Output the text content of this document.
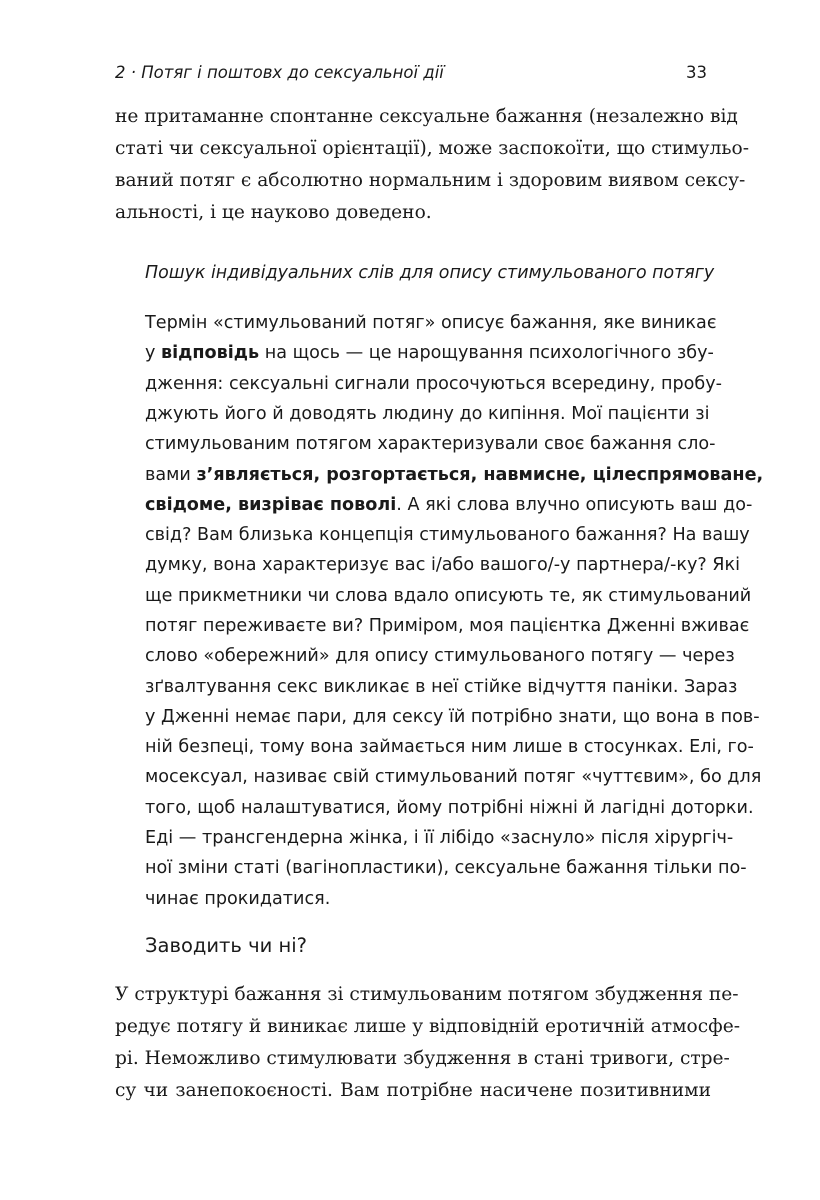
2 · Потяг і поштовх до сексуальної дії	33
не притаманне спонтанне сексуальне бажання (незалежно від
статі чи сексуальної орієнтації), може заспокоїти, що стимульо-
ваний потяг є абсолютно нормальним і здоровим виявом сексу-
альності, і це науково доведено.
Пошук індивідуальних слів для опису стимульованого потягу
Термін «стимульований потяг» описує бажання, яке виникає
у відповідь на щось — це нарощування психологічного збу-
дження: сексуальні сигнали просочуються всередину, пробу-
джують його й доводять людину до кипіння. Мої пацієнти зі
стимульованим потягом характеризували своє бажання сло-
вами з’являється, розгортається, навмисне, цілеспрямоване,
свідоме, визріває поволі. А які слова влучно описують ваш до-
свід? Вам близька концепція стимульованого бажання? На вашу
думку, вона характеризує вас і/або вашого/-у партнера/-ку? Які
ще прикметники чи слова вдало описують те, як стимульований
потяг переживаєте ви? Приміром, моя пацієнтка Дженні вживає
слово «обережний» для опису стимульованого потягу — через
зґвалтування секс викликає в неї стійке відчуття паніки. Зараз
у Дженні немає пари, для сексу їй потрібно знати, що вона в пов-
ній безпеці, тому вона займається ним лише в стосунках. Елі, го-
мосексуал, називає свій стимульований потяг «чуттєвим», бо для
того, щоб налаштуватися, йому потрібні ніжні й лагідні доторки.
Еді — трансгендерна жінка, і її лібідо «заснуло» після хірургіч-
ної зміни статі (вагінопластики), сексуальне бажання тільки по-
чинає прокидатися.
Заводить чи ні?
У структурі бажання зі стимульованим потягом збудження пе-
редує потягу й виникає лише у відповідній еротичній атмосфе-
рі. Неможливо стимулювати збудження в стані тривоги, стре-
су чи занепокоєності. Вам потрібне насичене позитивними
